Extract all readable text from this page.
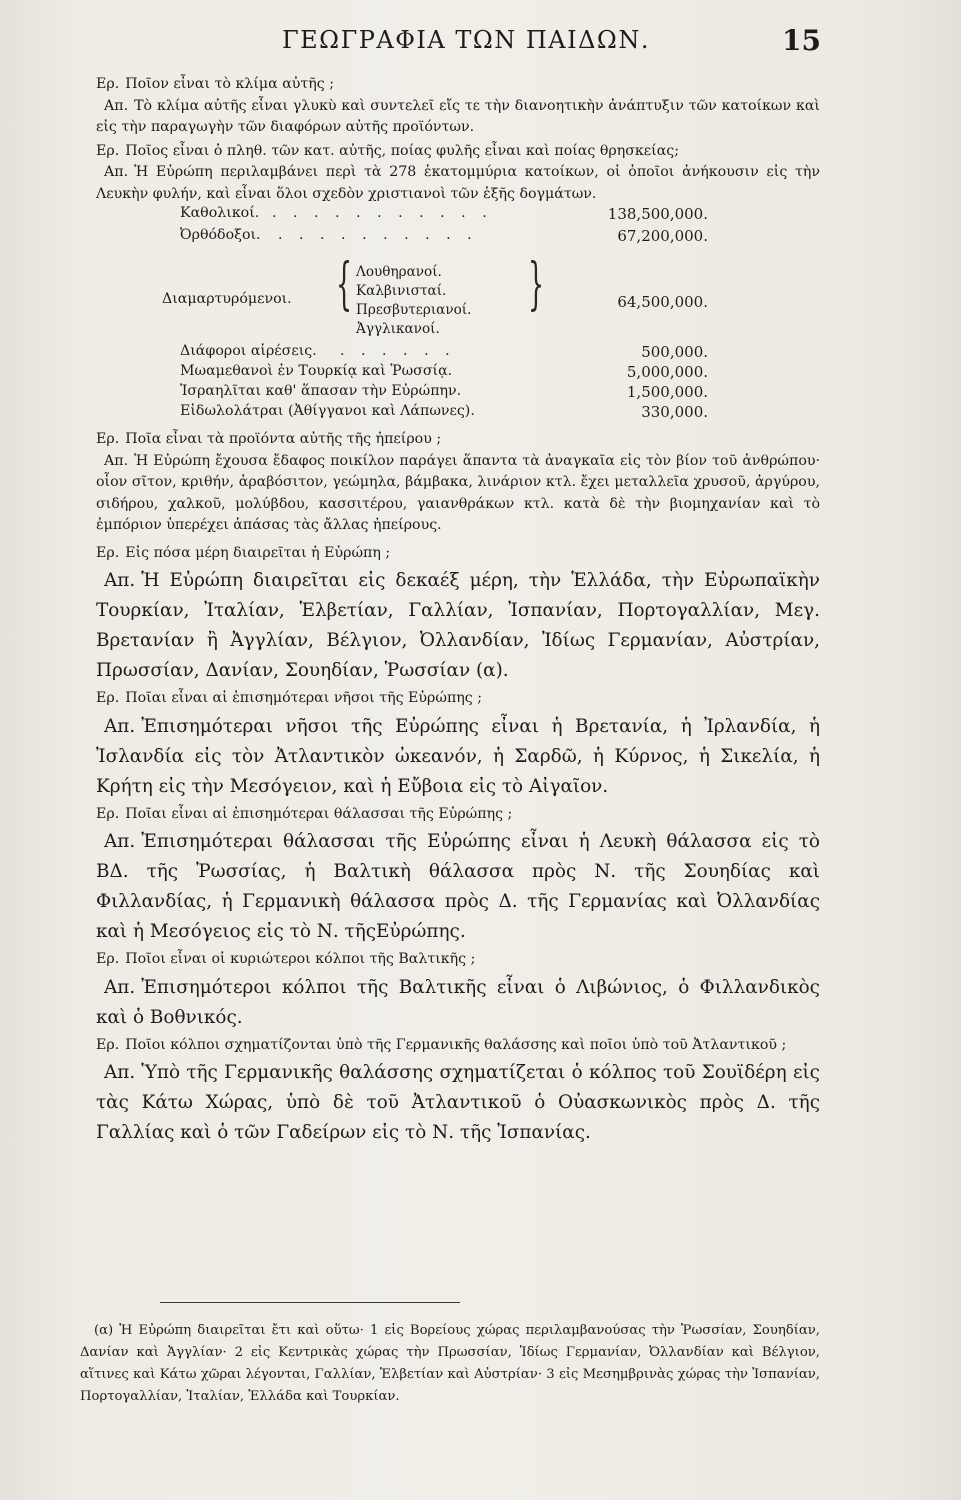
ΓΕΩΓΡΑΦΙΑ ΤΩΝ ΠΑΙΔΩΝ.	15

Ερ. Ποῖον εἶναι τὸ κλίμα αὐτῆς ;

Απ. Τὸ κλίμα αὐτῆς εἶναι γλυκὺ καὶ συντελεῖ εἴς τε τὴν διανοητικὴν ἀνάπτυξιν τῶν κατοίκων καὶ εἰς τὴν παραγωγὴν τῶν διαφόρων αὐτῆς προϊόντων.

Ερ. Ποῖος εἶναι ὁ πληθ. τῶν κατ. αὐτῆς, ποίας φυλῆς εἶναι καὶ ποίας θρησκείας;

Απ. Ἡ Εὐρώπη περιλαμβάνει περὶ τὰ 278 ἑκατομμύρια κατοίκων, οἱ ὁποῖοι ἀνήκουσιν εἰς τὴν Λευκὴν φυλήν, καὶ εἶναι ὅλοι σχεδὸν χριστιανοὶ τῶν ἑξῆς δογμάτων.

Καθολικοί. . . . . . . . . . . .	138,500,000.
Ὀρθόδοξοι. . . . . . . . . . .	67,200,000.
Διαμαρτυρόμενοι. { Λουθηρανοί.
Καλβινισταί.
Πρεσβυτεριανοί.
Ἀγγλικανοί.
}	64,500,000.
Διάφοροι αἱρέσεις. . . . . . .	500,000.
Μωαμεθανοὶ ἐν Τουρκίᾳ καὶ Ῥωσσίᾳ.	5,000,000.
Ἰσραηλῖται καθ' ἅπασαν τὴν Εὐρώπην.	1,500,000.
Εἰδωλολάτραι (Ἀθίγγανοι καὶ Λάπωνες).	330,000.

Ερ. Ποῖα εἶναι τὰ προϊόντα αὐτῆς τῆς ἠπείρου ;

Απ. Ἡ Εὐρώπη ἔχουσα ἔδαφος ποικίλον παράγει ἅπαντα τὰ ἀναγκαῖα εἰς τὸν βίον τοῦ ἀνθρώπου· οἷον σῖτον, κριθήν, ἀραβόσιτον, γεώμηλα, βάμβακα, λινάριον κτλ. ἔχει μεταλλεῖα χρυσοῦ, ἀργύρου, σιδήρου, χαλκοῦ, μολύβδου, κασσιτέρου, γαιανθράκων κτλ. κατὰ δὲ τὴν βιομηχανίαν καὶ τὸ ἐμπόριον ὑπερέχει ἁπάσας τὰς ἄλλας ἠπείρους.

Ερ. Εἰς πόσα μέρη διαιρεῖται ἡ Εὐρώπη ;

Απ. Ἡ Εὐρώπη διαιρεῖται εἰς δεκαέξ μέρη, τὴν Ἑλλάδα, τὴν Εὐρωπαϊκὴν Τουρκίαν, Ἰταλίαν, Ἑλβετίαν, Γαλλίαν, Ἰσπανίαν, Πορτογαλλίαν, Μεγ. Βρετανίαν ἢ Ἀγγλίαν, Βέλγιον, Ὀλλανδίαν, Ἰδίως Γερμανίαν, Αὐστρίαν, Πρωσσίαν, Δανίαν, Σουηδίαν, Ῥωσσίαν (α).

Ερ. Ποῖαι εἶναι αἱ ἐπισημότεραι νῆσοι τῆς Εὐρώπης ;

Απ. Ἐπισημότεραι νῆσοι τῆς Εὐρώπης εἶναι ἡ Βρετανία, ἡ Ἰρλανδία, ἡ Ἰσλανδία εἰς τὸν Ἀτλαντικὸν ὠκεανόν, ἡ Σαρδῶ, ἡ Κύρνος, ἡ Σικελία, ἡ Κρήτη εἰς τὴν Μεσόγειον, καὶ ἡ Εὔβοια εἰς τὸ Αἰγαῖον.

Ερ. Ποῖαι εἶναι αἱ ἐπισημότεραι θάλασσαι τῆς Εὐρώπης ;

Απ. Ἐπισημότεραι θάλασσαι τῆς Εὐρώπης εἶναι ἡ Λευκὴ θάλασσα εἰς τὸ ΒΔ. τῆς Ῥωσσίας, ἡ Βαλτικὴ θάλασσα πρὸς Ν. τῆς Σουηδίας καὶ Φιλλανδίας, ἡ Γερμανικὴ θάλασσα πρὸς Δ. τῆς Γερμανίας καὶ Ὀλλανδίας καὶ ἡ Μεσόγειος εἰς τὸ Ν. τῆςΕὐρώπης.

Ερ. Ποῖοι εἶναι οἱ κυριώτεροι κόλποι τῆς Βαλτικῆς ;

Απ. Ἐπισημότεροι κόλποι τῆς Βαλτικῆς εἶναι ὁ Λιβώνιος, ὁ Φιλλανδικὸς καὶ ὁ Βοθνικός.

Ερ. Ποῖοι κόλποι σχηματίζονται ὑπὸ τῆς Γερμανικῆς θαλάσσης καὶ ποῖοι ὑπὸ τοῦ Ἀτλαντικοῦ ;

Απ. Ὑπὸ τῆς Γερμανικῆς θαλάσσης σχηματίζεται ὁ κόλπος τοῦ Σουϊδέρη εἰς τὰς Κάτω Χώρας, ὑπὸ δὲ τοῦ Ἀτλαντικοῦ ὁ Οὐασκωνικὸς πρὸς Δ. τῆς Γαλλίας καὶ ὁ τῶν Γαδείρων εἰς τὸ Ν. τῆς Ἰσπανίας.

(α) Ἡ Εὐρώπη διαιρεῖται ἔτι καὶ οὕτω· 1 εἰς Βορείους χώρας περιλαμβανούσας τὴν Ῥωσσίαν, Σουηδίαν, Δανίαν καὶ Ἀγγλίαν· 2 εἰς Κεντρικὰς χώρας τὴν Πρωσσίαν, Ἰδίως Γερμανίαν, Ὀλλανδίαν καὶ Βέλγιον, αἵτινες καὶ Κάτω χῶραι λέγονται, Γαλλίαν, Ἑλβετίαν καὶ Αὐστρίαν· 3 εἰς Μεσημβρινὰς χώρας τὴν Ἰσπανίαν, Πορτογαλλίαν, Ἰταλίαν, Ἑλλάδα καὶ Τουρκίαν.
